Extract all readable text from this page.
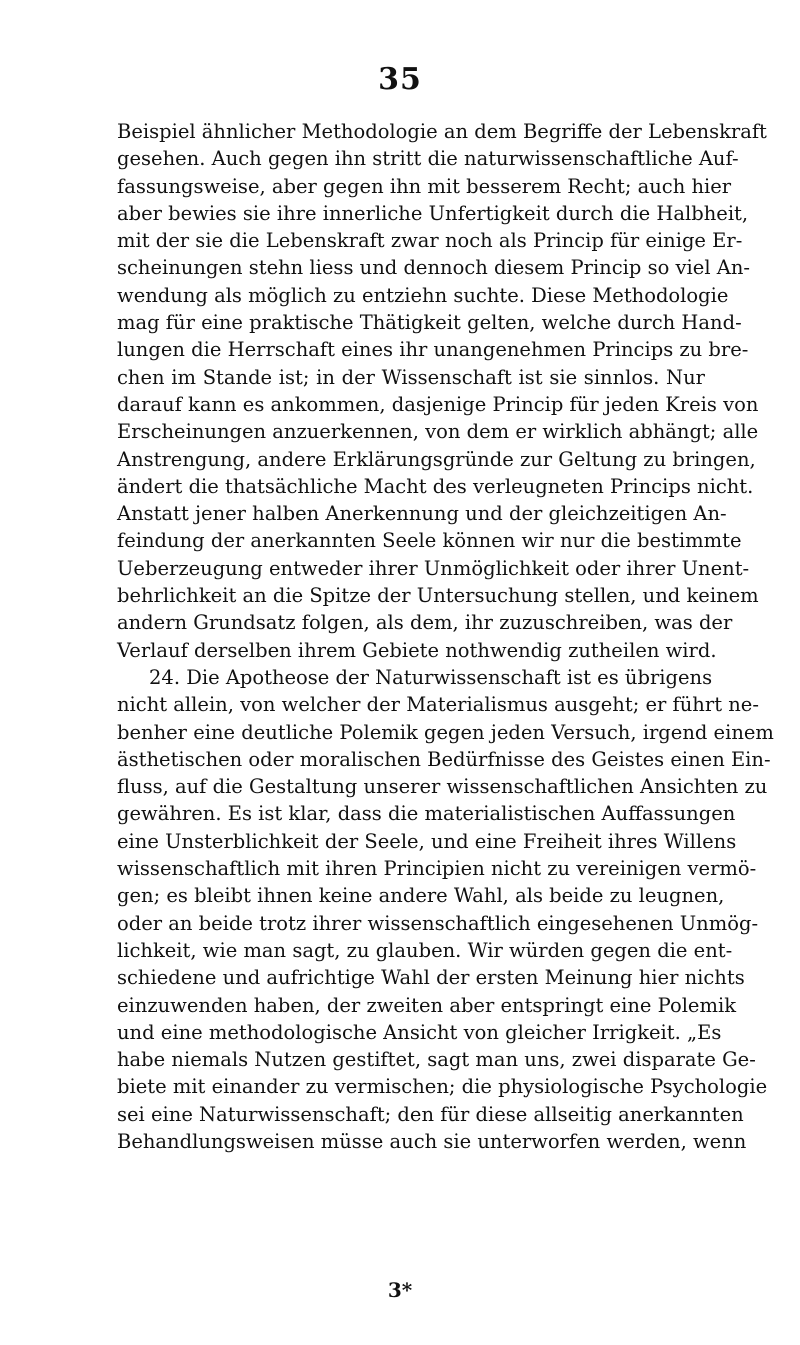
35
Beispiel ähnlicher Methodologie an dem Begriffe der Lebenskraft
gesehen. Auch gegen ihn stritt die naturwissenschaftliche Auf-
fassungsweise, aber gegen ihn mit besserem Recht; auch hier
aber bewies sie ihre innerliche Unfertigkeit durch die Halbheit,
mit der sie die Lebenskraft zwar noch als Princip für einige Er-
scheinungen stehn liess und dennoch diesem Princip so viel An-
wendung als möglich zu entziehn suchte. Diese Methodologie
mag für eine praktische Thätigkeit gelten, welche durch Hand-
lungen die Herrschaft eines ihr unangenehmen Princips zu bre-
chen im Stande ist; in der Wissenschaft ist sie sinnlos. Nur
darauf kann es ankommen, dasjenige Princip für jeden Kreis von
Erscheinungen anzuerkennen, von dem er wirklich abhängt; alle
Anstrengung, andere Erklärungsgründe zur Geltung zu bringen,
ändert die thatsächliche Macht des verleugneten Princips nicht.
Anstatt jener halben Anerkennung und der gleichzeitigen An-
feindung der anerkannten Seele können wir nur die bestimmte
Ueberzeugung entweder ihrer Unmöglichkeit oder ihrer Unent-
behrlichkeit an die Spitze der Untersuchung stellen, und keinem
andern Grundsatz folgen, als dem, ihr zuzuschreiben, was der
Verlauf derselben ihrem Gebiete nothwendig zutheilen wird.
24. Die Apotheose der Naturwissenschaft ist es übrigens
nicht allein, von welcher der Materialismus ausgeht; er führt ne-
benher eine deutliche Polemik gegen jeden Versuch, irgend einem
ästhetischen oder moralischen Bedürfnisse des Geistes einen Ein-
fluss, auf die Gestaltung unserer wissenschaftlichen Ansichten zu
gewähren. Es ist klar, dass die materialistischen Auffassungen
eine Unsterblichkeit der Seele, und eine Freiheit ihres Willens
wissenschaftlich mit ihren Principien nicht zu vereinigen vermö-
gen; es bleibt ihnen keine andere Wahl, als beide zu leugnen,
oder an beide trotz ihrer wissenschaftlich eingesehenen Unmög-
lichkeit, wie man sagt, zu glauben. Wir würden gegen die ent-
schiedene und aufrichtige Wahl der ersten Meinung hier nichts
einzuwenden haben, der zweiten aber entspringt eine Polemik
und eine methodologische Ansicht von gleicher Irrigkeit. „Es
habe niemals Nutzen gestiftet, sagt man uns, zwei disparate Ge-
biete mit einander zu vermischen; die physiologische Psychologie
sei eine Naturwissenschaft; den für diese allseitig anerkannten
Behandlungsweisen müsse auch sie unterworfen werden, wenn
3*
